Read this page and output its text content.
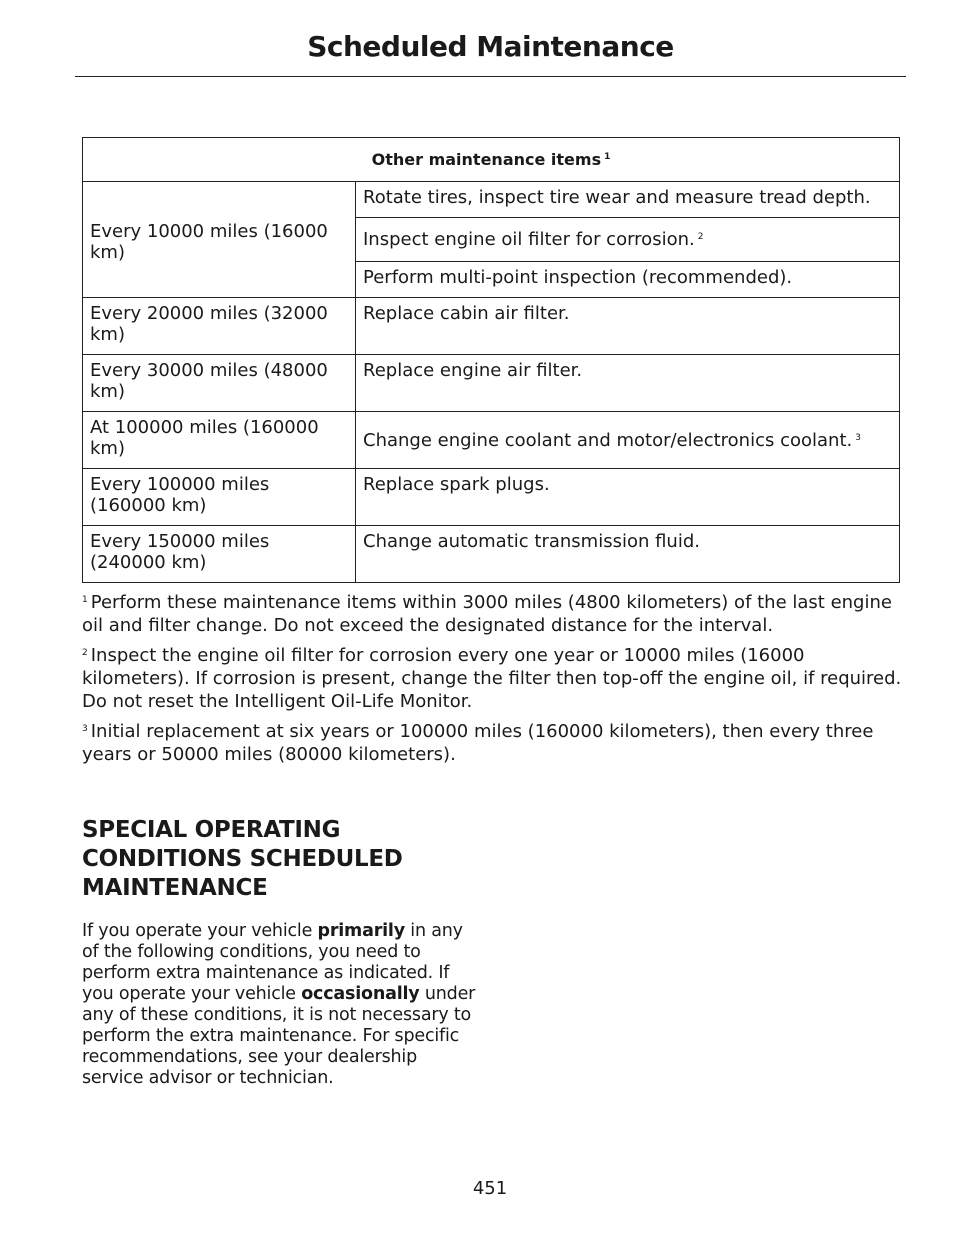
Scheduled Maintenance
Other maintenance items $^1$
Every 10000 miles (16000 km)	Rotate tires, inspect tire wear and measure tread depth.
	Inspect engine oil filter for corrosion. $^2$
	Perform multi-point inspection (recommended).
Every 20000 miles (32000 km)	Replace cabin air filter.
Every 30000 miles (48000 km)	Replace engine air filter.
At 100000 miles (160000 km)	Change engine coolant and motor/electronics coolant. $^3$
Every 100000 miles (160000 km)	Replace spark plugs.
Every 150000 miles (240000 km)	Change automatic transmission fluid.

$^1$ Perform these maintenance items within 3000 miles (4800 kilometers) of the last engine oil and filter change. Do not exceed the designated distance for the interval.

$^2$ Inspect the engine oil filter for corrosion every one year or 10000 miles (16000 kilometers). If corrosion is present, change the filter then top-off the engine oil, if required. Do not reset the Intelligent Oil-Life Monitor.

$^3$ Initial replacement at six years or 100000 miles (160000 kilometers), then every three years or 50000 miles (80000 kilometers).

SPECIAL OPERATING CONDITIONS SCHEDULED MAINTENANCE
If you operate your vehicle primarily in any of the following conditions, you need to perform extra maintenance as indicated. If you operate your vehicle occasionally under any of these conditions, it is not necessary to perform the extra maintenance. For specific recommendations, see your dealership service advisor or technician.
451
